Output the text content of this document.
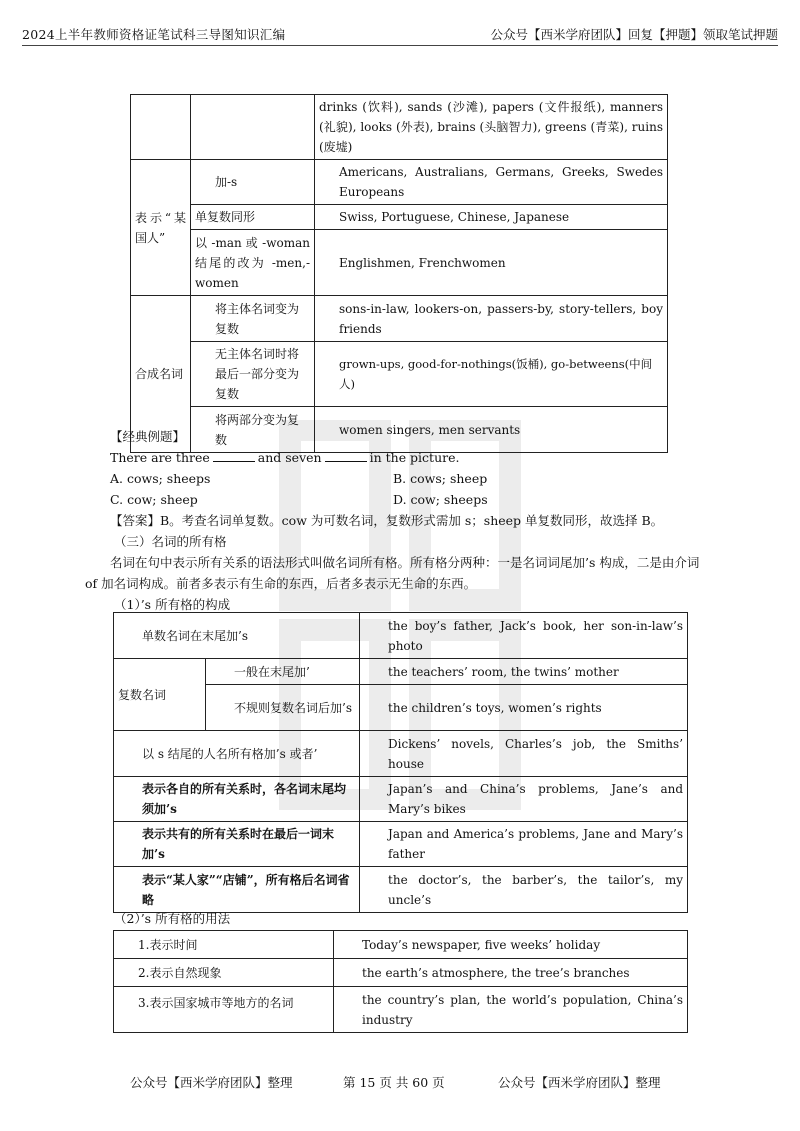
2024上半年教师资格证笔试科三导图知识汇编	公众号【西米学府团队】回复【押题】领取笔试押题
		drinks (饮料), sands (沙滩), papers (文件报纸), manners (礼貌), looks (外表), brains (头脑智力), greens (青菜), ruins (废墟)
表示“某国人”	加-s	Americans, Australians, Germans, Greeks, Swedes Europeans
	单复数同形	Swiss, Portuguese, Chinese, Japanese
	以 -man 或 -woman 结尾的改为 -men,-women	Englishmen, Frenchwomen
合成名词	将主体名词变为复数	sons-in-law, lookers-on, passers-by, story-tellers, boy friends
	无主体名词时将最后一部分变为复数	grown-ups, good-for-nothings(饭桶), go-betweens(中间人)
	将两部分变为复数	women singers, men servants
【经典例题】
There are three	and seven	in the picture.
A. cows; sheeps	B. cows; sheep
C. cow; sheep	D. cow; sheeps
【答案】B。考查名词单复数。cow 为可数名词，复数形式需加 s；sheep 单复数同形，故选择 B。
（三）名词的所有格
名词在句中表示所有关系的语法形式叫做名词所有格。所有格分两种：一是名词词尾加’s 构成，二是由介词 of 加名词构成。前者多表示有生命的东西，后者多表示无生命的东西。
（1）’s 所有格的构成
单数名词在末尾加’s		the boy’s father, Jack’s book, her son-in-law’s photo
复数名词	一般在末尾加’	the teachers’ room, the twins’ mother
	不规则复数名词后加’s	the children’s toys, women’s rights
以 s 结尾的人名所有格加’s 或者’		Dickens’ novels, Charles’s job, the Smiths’ house
表示各自的所有关系时，各名词末尾均须加’s		Japan’s and China’s problems, Jane’s and Mary’s bikes
表示共有的所有关系时在最后一词末加’s		Japan and America’s problems, Jane and Mary’s father
表示“某人家”“店铺”，所有格后名词省略		the doctor’s, the barber’s, the tailor’s, my uncle’s
（2）’s 所有格的用法
1.表示时间	Today’s newspaper, five weeks’ holiday
2.表示自然现象	the earth’s atmosphere, the tree’s branches
3.表示国家城市等地方的名词	the country’s plan, the world’s population, China’s industry
公众号【西米学府团队】整理	第 15 页 共 60 页	公众号【西米学府团队】整理
